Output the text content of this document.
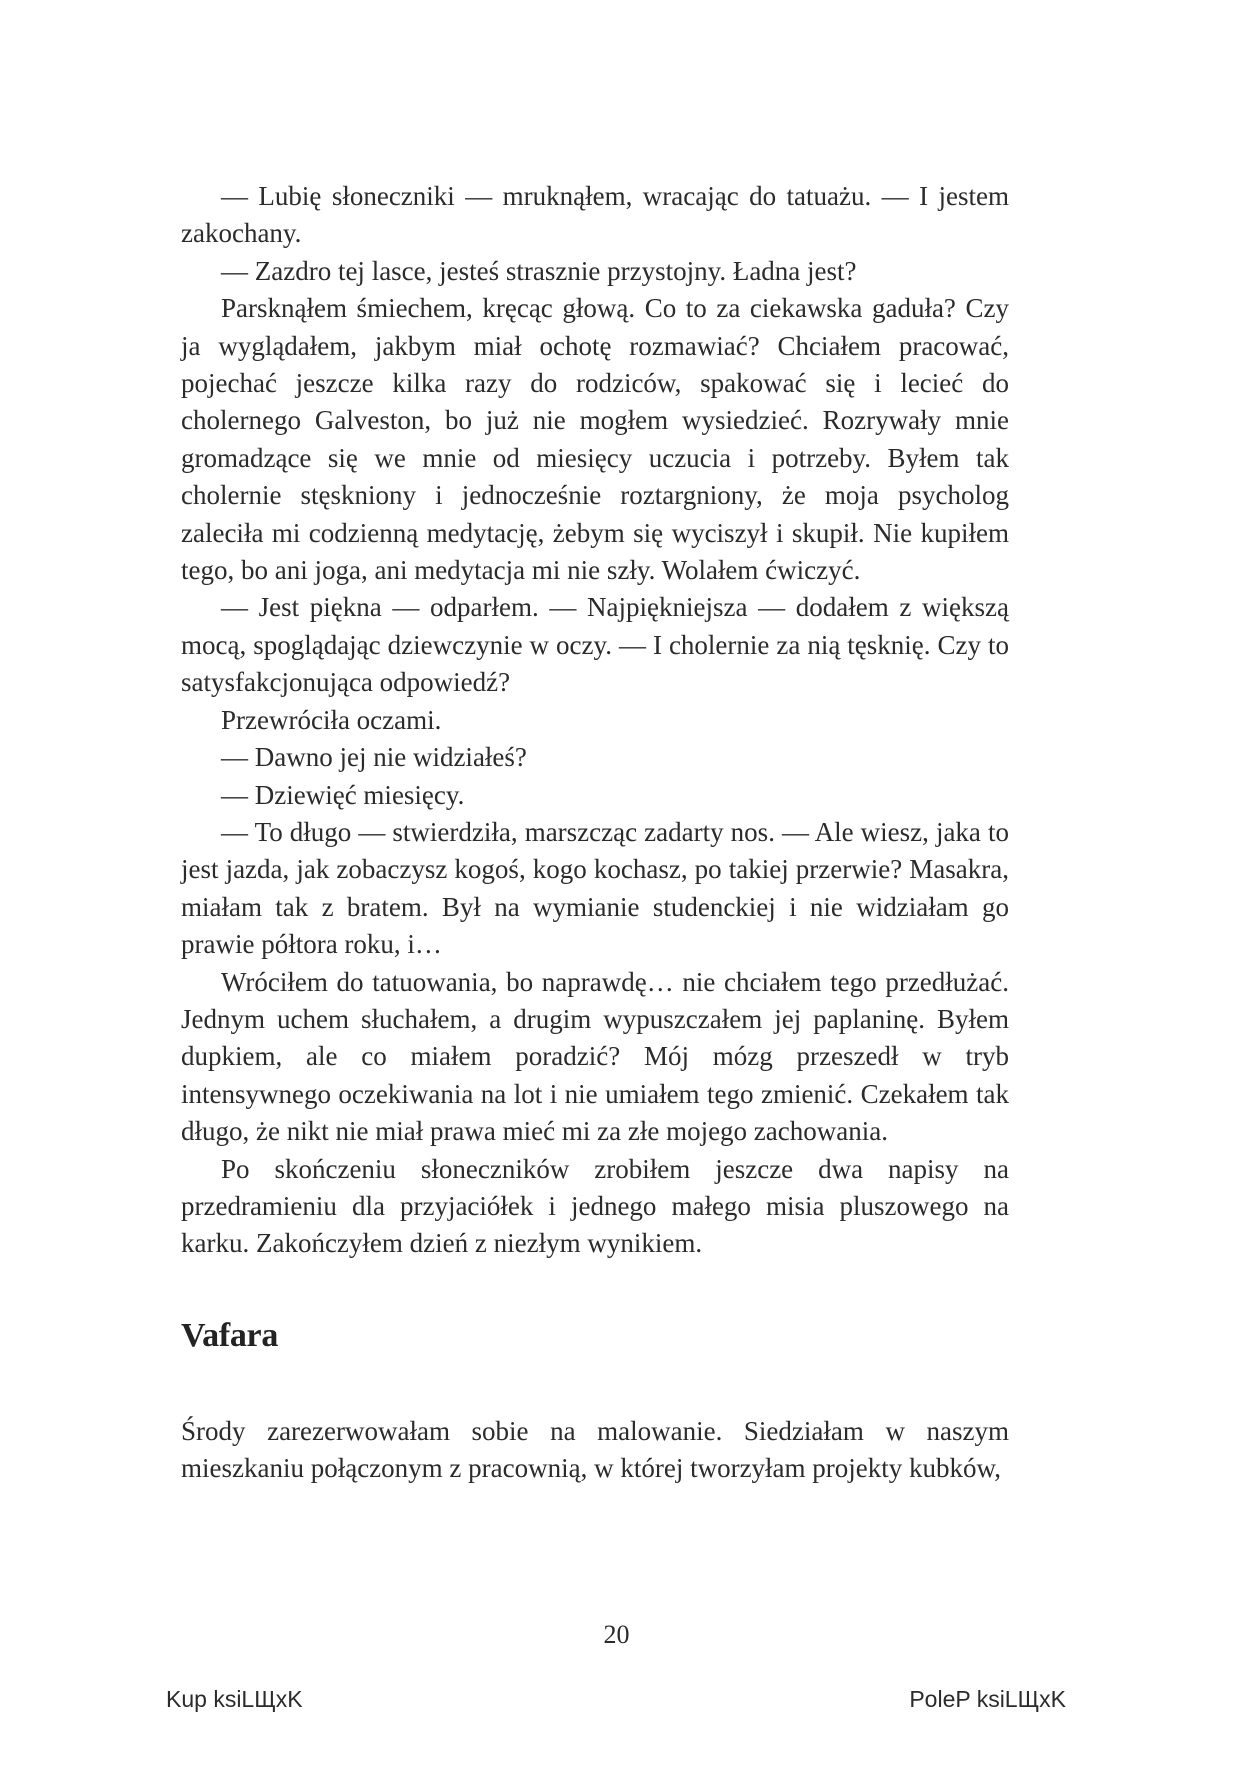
— Lubię słoneczniki — mruknąłem, wracając do tatuażu. — I jestem zakochany.

— Zazdro tej lasce, jesteś strasznie przystojny. Ładna jest?

Parsknąłem śmiechem, kręcąc głową. Co to za ciekawska gaduła? Czy ja wyglądałem, jakbym miał ochotę rozmawiać? Chciałem pracować, pojechać jeszcze kilka razy do rodziców, spakować się i lecieć do cholernego Galveston, bo już nie mogłem wysiedzieć. Rozrywały mnie gromadzące się we mnie od miesięcy uczucia i potrzeby. Byłem tak cholernie stęskniony i jednocześnie roztargniony, że moja psycholog zaleciła mi codzienną medytację, żebym się wyciszył i skupił. Nie kupiłem tego, bo ani joga, ani medytacja mi nie szły. Wolałem ćwiczyć.

— Jest piękna — odparłem. — Najpiękniejsza — dodałem z większą mocą, spoglądając dziewczynie w oczy. — I cholernie za nią tęsknię. Czy to satysfakcjonująca odpowiedź?

Przewróciła oczami.

— Dawno jej nie widziałeś?

— Dziewięć miesięcy.

— To długo — stwierdziła, marszcząc zadarty nos. — Ale wiesz, jaka to jest jazda, jak zobaczysz kogoś, kogo kochasz, po takiej przerwie? Masakra, miałam tak z bratem. Był na wymianie studenckiej i nie widziałam go prawie półtora roku, i…

Wróciłem do tatuowania, bo naprawdę… nie chciałem tego przedłużać. Jednym uchem słuchałem, a drugim wypuszczałem jej paplaninę. Byłem dupkiem, ale co miałem poradzić? Mój mózg przeszedł w tryb intensywnego oczekiwania na lot i nie umiałem tego zmienić. Czekałem tak długo, że nikt nie miał prawa mieć mi za złe mojego zachowania.

Po skończeniu słoneczników zrobiłem jeszcze dwa napisy na przedramieniu dla przyjaciółek i jednego małego misia pluszowego na karku. Zakończyłem dzień z niezłym wynikiem.

Vafara

Środy zarezerwowałam sobie na malowanie. Siedziałam w naszym mieszkaniu połączonym z pracownią, w której tworzyłam projekty kubków,

20
Kup ksiLЩxK	PoleP ksiLЩxK
